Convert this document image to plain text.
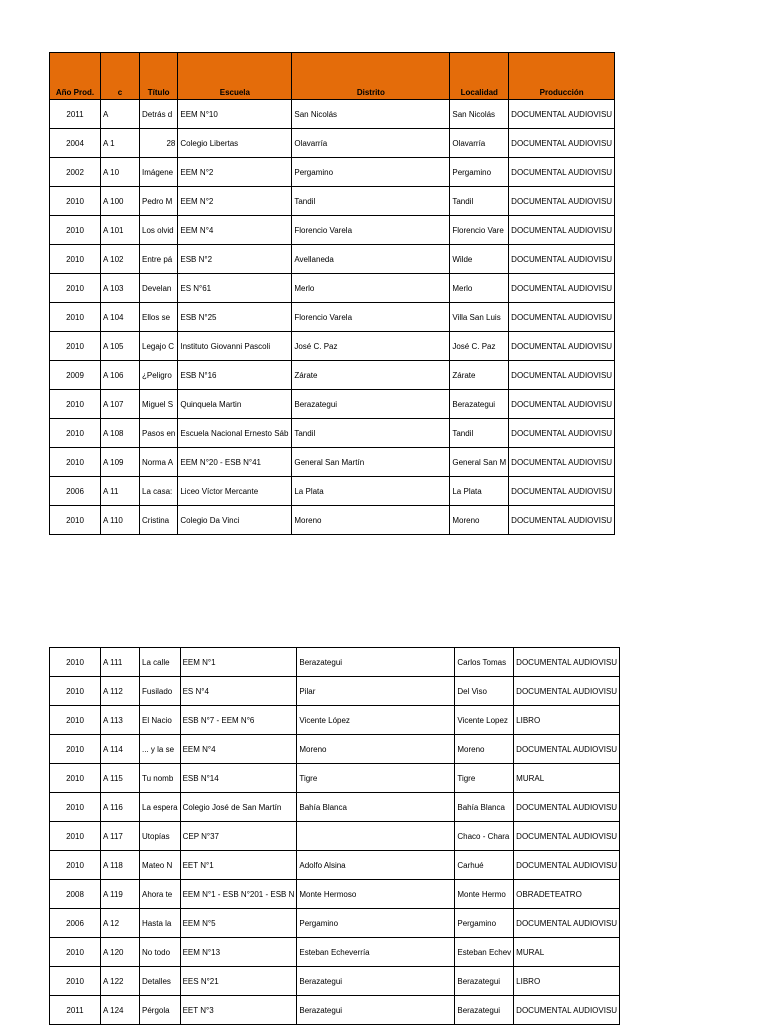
Año Prod.	c	Título	Escuela	Distrito	Localidad	Producción
2011	A	Detrás d	EEM N°10	San Nicolás	San Nicolás	DOCUMENTAL AUDIOVISU
2004	A 1	28	Colegio Libertas	Olavarría	Olavarría	DOCUMENTAL AUDIOVISU
2002	A 10	Imágene	EEM N°2	Pergamino	Pergamino	DOCUMENTAL AUDIOVISU
2010	A 100	Pedro M	EEM N°2	Tandil	Tandil	DOCUMENTAL AUDIOVISU
2010	A 101	Los olvid	EEM N°4	Florencio Varela	Florencio Vare	DOCUMENTAL AUDIOVISU
2010	A 102	Entre pá	ESB N°2	Avellaneda	Wilde	DOCUMENTAL AUDIOVISU
2010	A 103	Develan	ES N°61	Merlo	Merlo	DOCUMENTAL AUDIOVISU
2010	A 104	Ellos se	ESB N°25	Florencio Varela	Villa San Luis	DOCUMENTAL AUDIOVISU
2010	A 105	Legajo C	Instituto Giovanni Pascoli	José C. Paz	José C. Paz	DOCUMENTAL AUDIOVISU
2009	A 106	¿Peligro	ESB N°16	Zárate	Zárate	DOCUMENTAL AUDIOVISU
2010	A 107	Miguel S	Quinquela Martin	Berazategui	Berazategui	DOCUMENTAL AUDIOVISU
2010	A 108	Pasos en	Escuela Nacional Ernesto Sáb	Tandil	Tandil	DOCUMENTAL AUDIOVISU
2010	A 109	Norma A	EEM N°20 - ESB N°41	General San Martín	General San M	DOCUMENTAL AUDIOVISU
2006	A 11	La casa:	Liceo Víctor Mercante	La Plata	La Plata	DOCUMENTAL AUDIOVISU
2010	A 110	Cristina	Colegio Da Vinci	Moreno	Moreno	DOCUMENTAL AUDIOVISU
2010	A 111	La calle	EEM N°1	Berazategui	Carlos Tomas	DOCUMENTAL AUDIOVISU
2010	A 112	Fusilado	ES N°4	Pilar	Del Viso	DOCUMENTAL AUDIOVISU
2010	A 113	El Nacio	ESB N°7 - EEM N°6	Vicente López	Vicente Lopez	LIBRO
2010	A 114	... y la se	EEM N°4	Moreno	Moreno	DOCUMENTAL AUDIOVISU
2010	A 115	Tu nomb	ESB N°14	Tigre	Tigre	MURAL
2010	A 116	La espera	Colegio José de San Martín	Bahía Blanca	Bahía Blanca	DOCUMENTAL AUDIOVISU
2010	A 117	Utopías	CEP N°37		Chaco - Chara	DOCUMENTAL AUDIOVISU
2010	A 118	Mateo N	EET N°1	Adolfo Alsina	Carhué	DOCUMENTAL AUDIOVISU
2008	A 119	Ahora te	EEM N°1 - ESB N°201 - ESB N	Monte Hermoso	Monte Hermo	OBRADETEATRO
2006	A 12	Hasta la	EEM N°5	Pergamino	Pergamino	DOCUMENTAL AUDIOVISU
2010	A 120	No todo	EEM N°13	Esteban Echeverría	Esteban Echev	MURAL
2010	A 122	Detalles	EES N°21	Berazategui	Berazategui	LIBRO
2011	A 124	Pérgola	EET N°3	Berazategui	Berazategui	DOCUMENTAL AUDIOVISU
